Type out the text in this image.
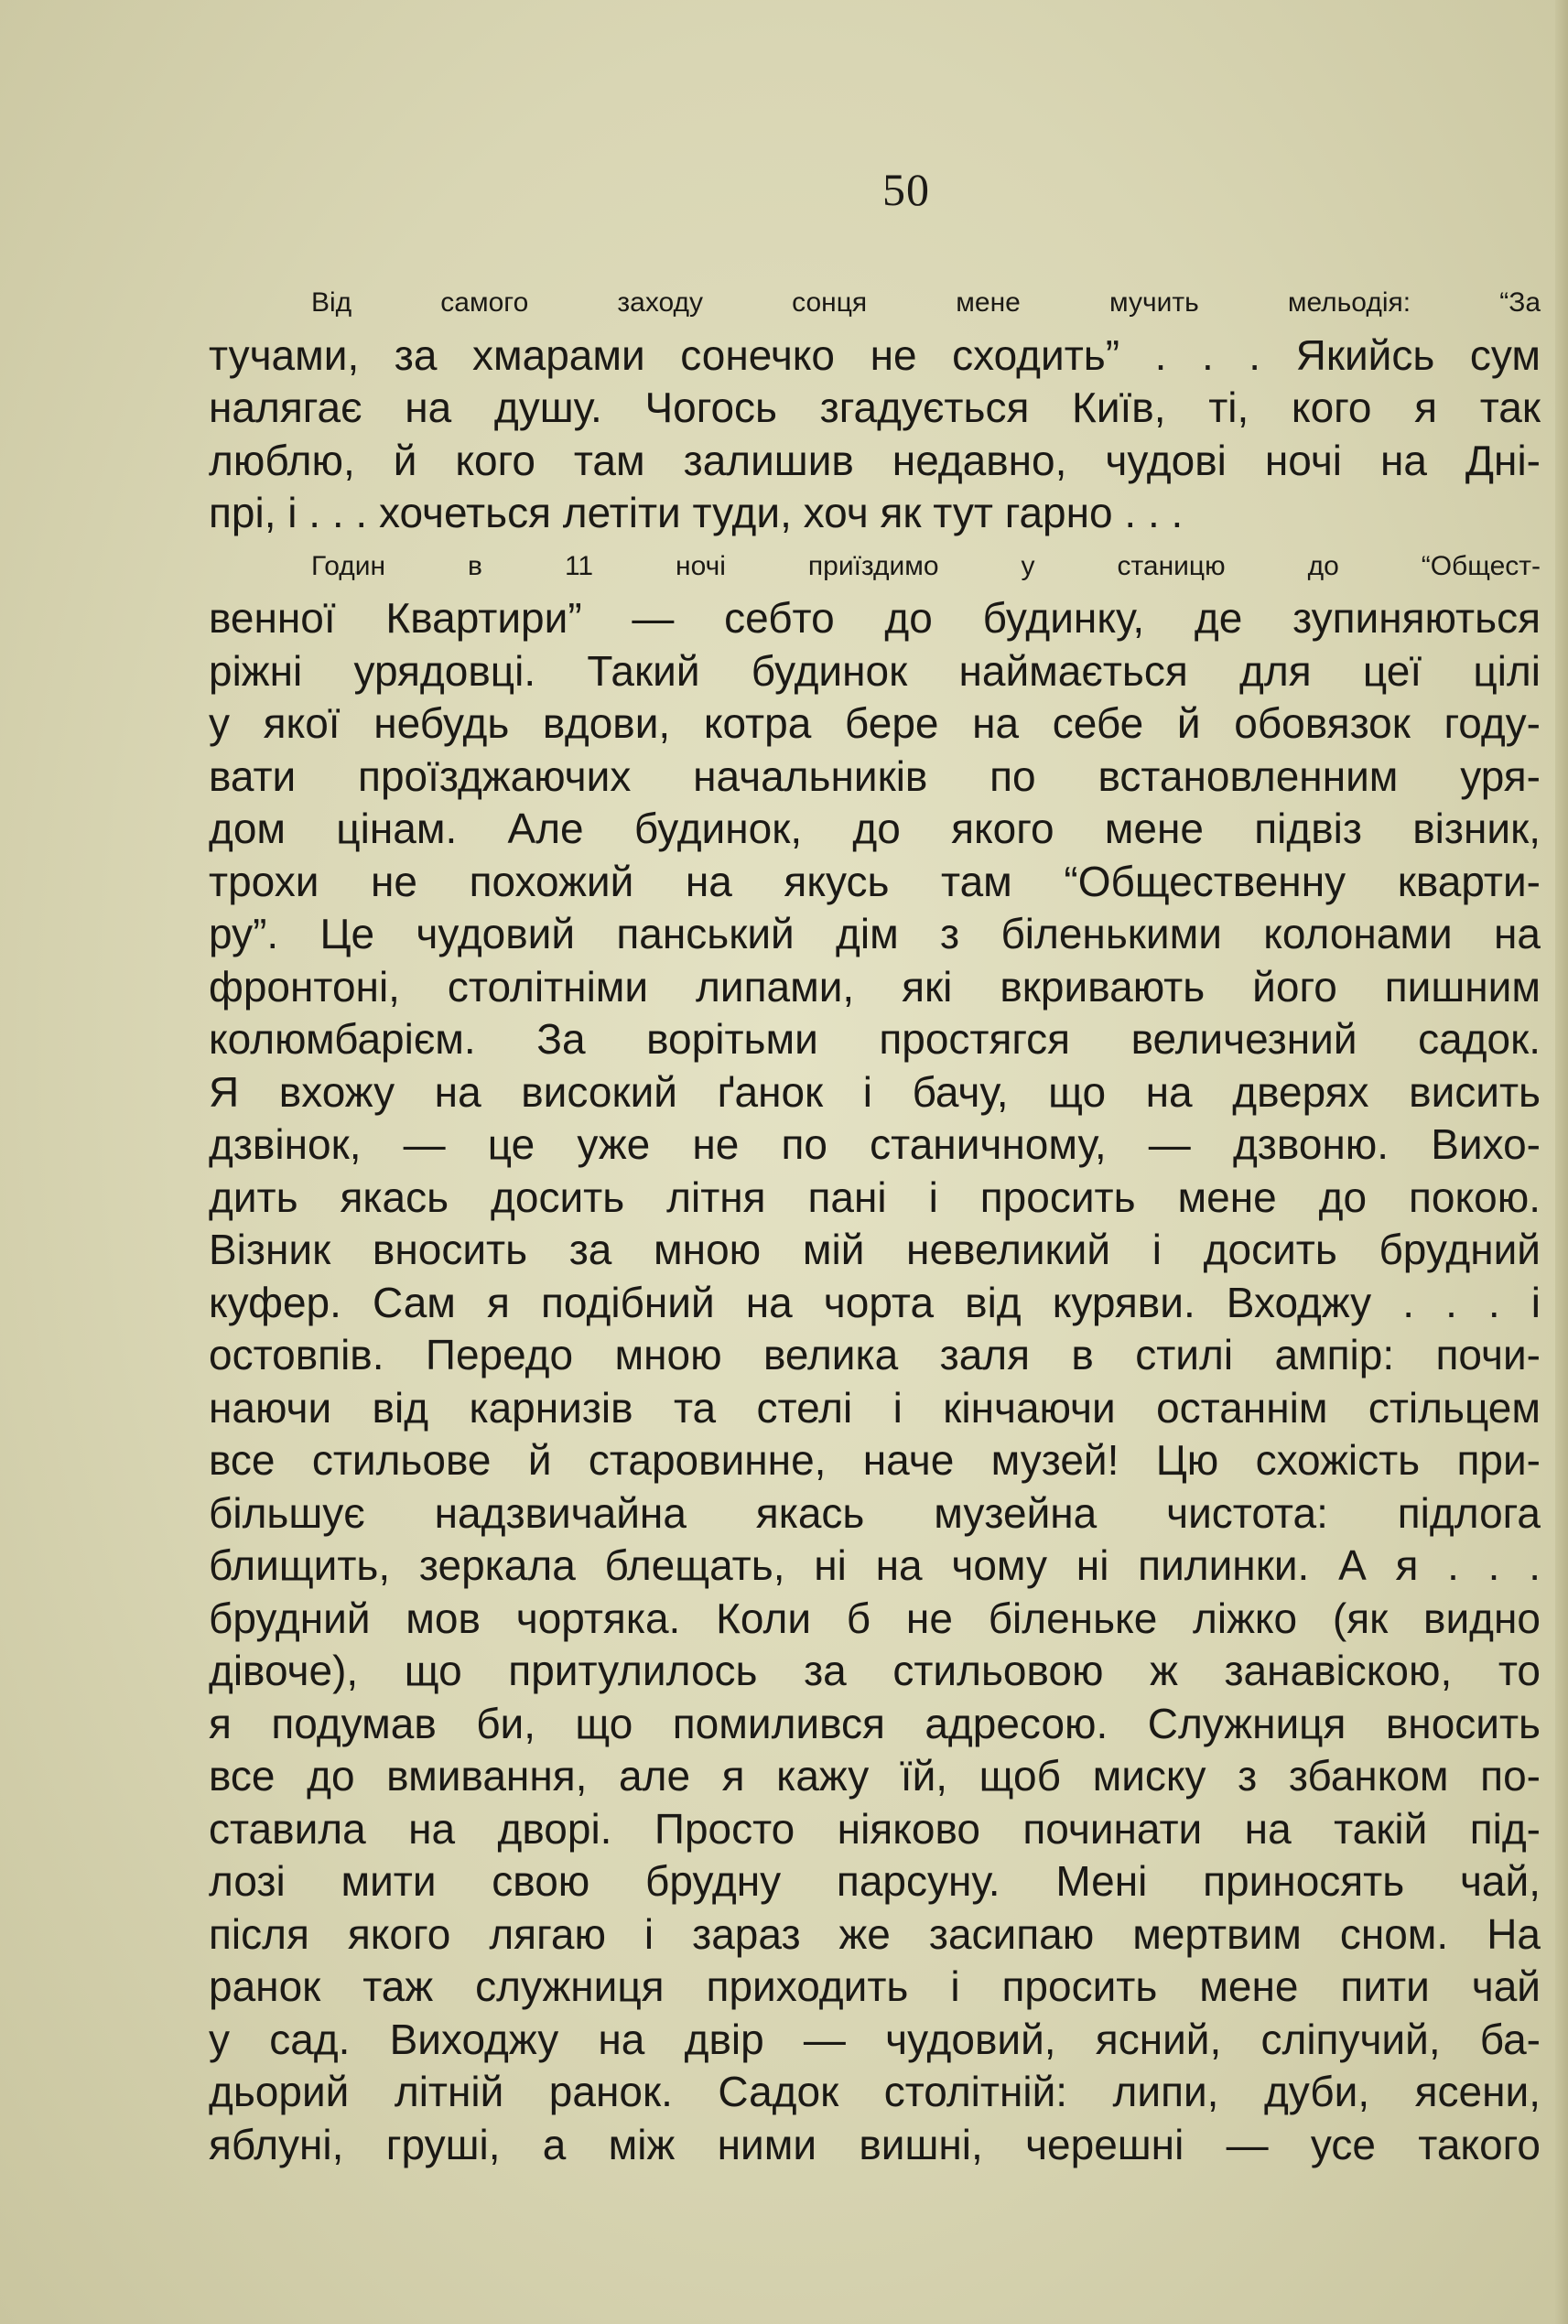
50
Від самого заходу сонця мене мучить мельодія: “За
тучами, за хмарами сонечко не сходить” . . . Якийсь сум
налягає на душу. Чогось згадується Київ, ті, кого я так
люблю, й кого там залишив недавно, чудові ночі на Дні-
прі, і . . . хочеться летіти туди, хоч як тут гарно . . .
Годин в 11 ночі приїздимо у станицю до “Общест-
венної Квартири” — себто до будинку, де зупиняються
ріжні урядовці. Такий будинок наймається для цеї цілі
у якої небудь вдови, котра бере на себе й обовязок году-
вати проїзджаючих начальників по встановленним уря-
дом цінам. Але будинок, до якого мене підвіз візник,
трохи не похожий на якусь там “Общественну кварти-
ру”. Це чудовий панський дім з біленькими колонами на
фронтоні, столітніми липами, які вкривають його пишним
колюмбарієм. За ворітьми простягся величезний садок.
Я вхожу на високий ґанок і бачу, що на дверях висить
дзвінок, — це уже не по станичному, — дзвоню. Вихо-
дить якась досить літня пані і просить мене до покою.
Візник вносить за мною мій невеликий і досить брудний
куфер. Сам я подібний на чорта від куряви. Входжу . . . і
остовпів. Передо мною велика заля в стилі ампір: почи-
наючи від карнизів та стелі і кінчаючи останнім стільцем
все стильове й старовинне, наче музей! Цю схожість при-
більшує надзвичайна якась музейна чистота: підлога
блищить, зеркала блещать, ні на чому ні пилинки. А я . . .
брудний мов чортяка. Коли б не біленьке ліжко (як видно
дівоче), що притулилось за стильовою ж занавіскою, то
я подумав би, що помилився адресою. Служниця вносить
все до вмивання, але я кажу їй, щоб миску з збанком по-
ставила на дворі. Просто ніяково починати на такій під-
лозі мити свою брудну парсуну. Мені приносять чай,
після якого лягаю і зараз же засипаю мертвим сном. На
ранок таж служниця приходить і просить мене пити чай
у сад. Виходжу на двір — чудовий, ясний, сліпучий, ба-
дьорий літній ранок. Садок столітній: липи, дуби, ясени,
яблуні, груші, а між ними вишні, черешні — усе такого
